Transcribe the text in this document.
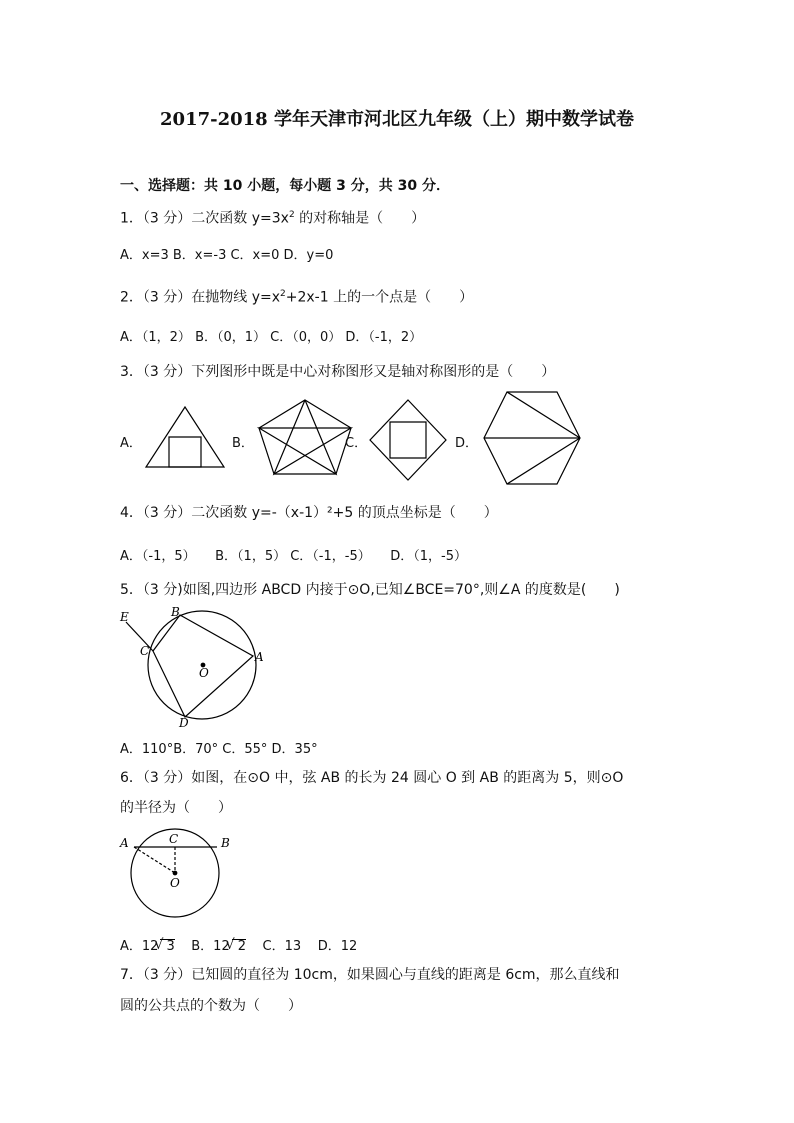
2017-2018 学年天津市河北区九年级（上）期中数学试卷
一、选择题：共 10 小题，每小题 3 分，共 30 分．
1．（3 分）二次函数 $y=3x^2$ 的对称轴是（　　）
A．x=3 B．x=-3 C．x=0 D．y=0
2．（3 分）在抛物线 $y=x^2+2x-1$ 上的一个点是（　　）
A．（1，2） B．（0，1） C．（0，0） D．（-1，2）
3．（3 分）下列图形中既是中心对称图形又是轴对称图形的是（　　）
A．	B．	C．	D．
4．（3 分）二次函数 y=-（x-1）²+5 的顶点坐标是（　　）
A．（-1，5）　　B．（1，5） C．（-1，-5）　　D．（1，-5）
5．（3 分)如图,四边形 ABCD 内接于⊙O,已知∠BCE=70°,则∠A 的度数是(　　)
E	B
C	A
O
D
A．110°B．70° C．55° D．35°
6．（3 分）如图，在⊙O 中，弦 AB 的长为 24 圆心 O 到 AB 的距离为 5，则⊙O
的半径为（　　）
A	C	B
O
A．12 √ 3 B．12 √ 2 C．13 D．12
7．（3 分）已知圆的直径为 10cm，如果圆心与直线的距离是 6cm，那么直线和
圆的公共点的个数为（　　）
